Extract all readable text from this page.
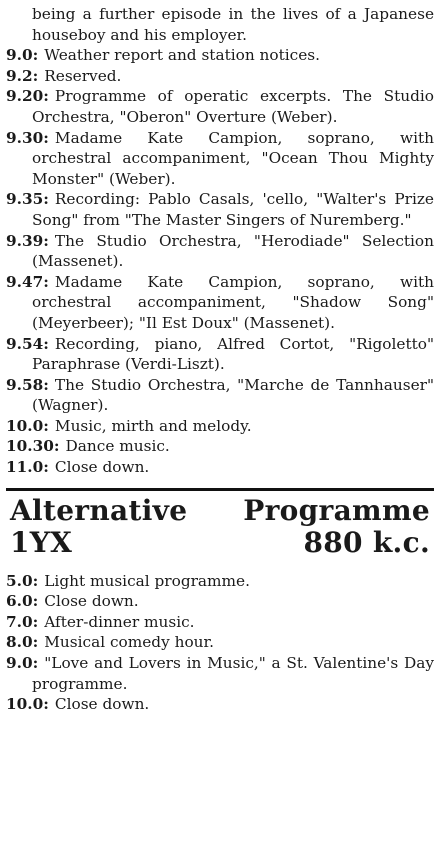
being a further episode in the lives of a Japanese houseboy and his employer.

9.0: Weather report and station notices.

9.2: Reserved.

9.20: Programme of operatic excerpts. The Studio Orchestra, "Oberon" Overture (Weber).

9.30: Madame Kate Campion, soprano, with orchestral accompaniment, "Ocean Thou Mighty Monster" (Weber).

9.35: Recording: Pablo Casals, 'cello, "Walter's Prize Song" from "The Master Singers of Nuremberg."

9.39: The Studio Orchestra, "Herodiade" Selection (Massenet).

9.47: Madame Kate Campion, soprano, with orchestral accompaniment, "Shadow Song" (Meyerbeer); "Il Est Doux" (Massenet).

9.54: Recording, piano, Alfred Cortot, "Rigoletto" Paraphrase (Verdi-Liszt).

9.58: The Studio Orchestra, "Marche de Tannhauser" (Wagner).

10.0: Music, mirth and melody.

10.30: Dance music.

11.0: Close down.

Alternative Programme
1YX	880 k.c.

5.0: Light musical programme.

6.0: Close down.

7.0: After-dinner music.

8.0: Musical comedy hour.

9.0: "Love and Lovers in Music," a St. Valentine's Day programme.

10.0: Close down.
